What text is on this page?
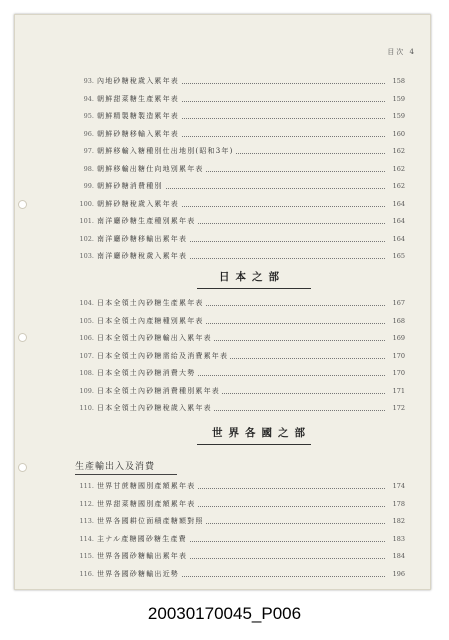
目次 4
93. 內地砂糖稅歲入累年表	158
94. 朝鮮甜菜糖生產累年表	159
95. 朝鮮精製糖製造累年表	159
96. 朝鮮砂糖移輸入累年表	160
97. 朝鮮移輸入糖種別仕出地別(昭和3年)	162
98. 朝鮮移輸出糖仕向地別累年表	162
99. 朝鮮砂糖消費種別	162
100. 朝鮮砂糖稅歲入累年表	164
101. 南洋廳砂糖生產種別累年表	164
102. 南洋廳砂糖移輸出累年表	164
103. 南洋廳砂糖稅歲入累年表	165
日本之部
104. 日本全領土內砂糖生產累年表	167
105. 日本全領土內產糖種別累年表	168
106. 日本全領土內砂糖輸出入累年表	169
107. 日本全領土內砂糖需給及消費累年表	170
108. 日本全領土內砂糖消費大勢	170
109. 日本全領土內砂糖消費種別累年表	171
110. 日本全領土內砂糖稅歲入累年表	172
世界各國之部
生產輸出入及消費
111. 世界甘蔗糖國別產額累年表	174
112. 世界甜菜糖國別產額累年表	178
113. 世界各國耕位面積產糖額對照	182
114. 主ナル產糖國砂糖生產費	183
115. 世界各國砂糖輸出累年表	184
116. 世界各國砂糖輸出近勢	196
20030170045_P006
